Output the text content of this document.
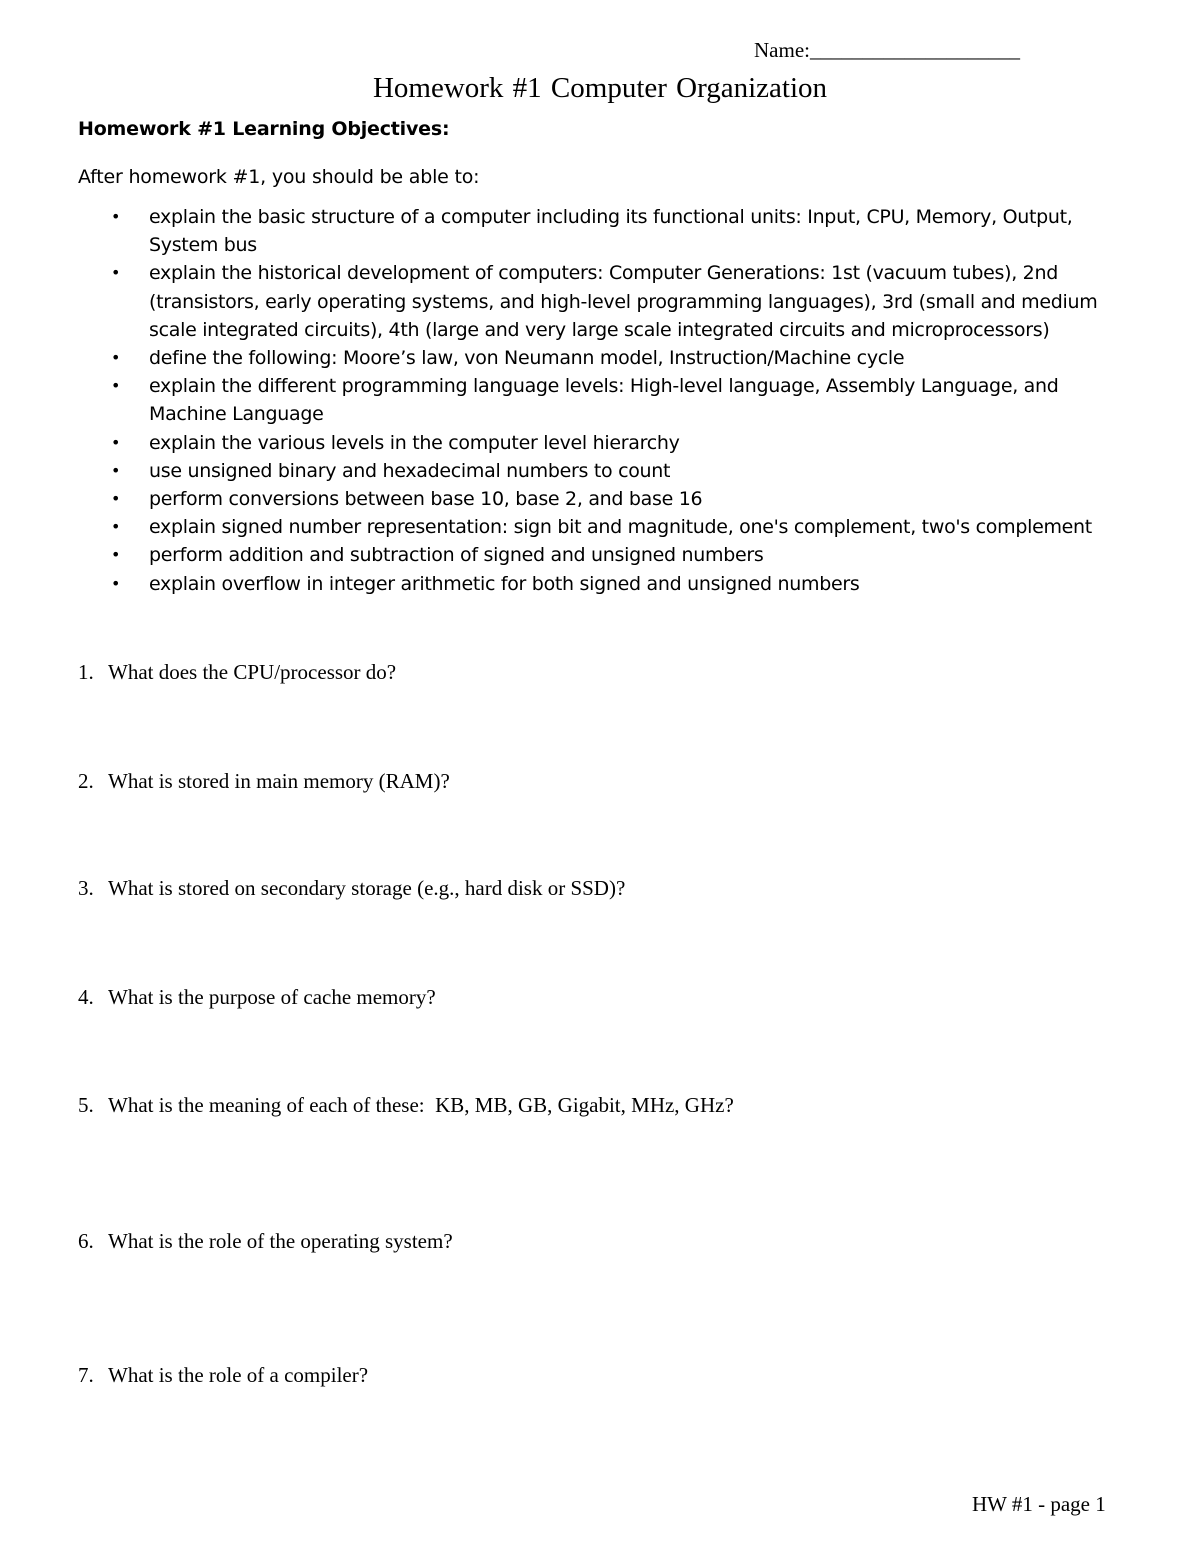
Name:____________________
Homework #1 Computer Organization
Homework #1 Learning Objectives:

After homework #1, you should be able to:

• explain the basic structure of a computer including its functional units: Input, CPU, Memory, Output, System bus
• explain the historical development of computers: Computer Generations: 1st (vacuum tubes), 2nd (transistors, early operating systems, and high-level programming languages), 3rd (small and medium scale integrated circuits), 4th (large and very large scale integrated circuits and microprocessors)
• define the following: Moore’s law, von Neumann model, Instruction/Machine cycle
• explain the different programming language levels: High-level language, Assembly Language, and Machine Language
• explain the various levels in the computer level hierarchy
• use unsigned binary and hexadecimal numbers to count
• perform conversions between base 10, base 2, and base 16
• explain signed number representation: sign bit and magnitude, one's complement, two's complement
• perform addition and subtraction of signed and unsigned numbers
• explain overflow in integer arithmetic for both signed and unsigned numbers

1. What does the CPU/processor do?

2. What is stored in main memory (RAM)?

3. What is stored on secondary storage (e.g., hard disk or SSD)?

4. What is the purpose of cache memory?

5. What is the meaning of each of these:  KB, MB, GB, Gigabit, MHz, GHz?

6. What is the role of the operating system?

7. What is the role of a compiler?

HW #1 - page 1
